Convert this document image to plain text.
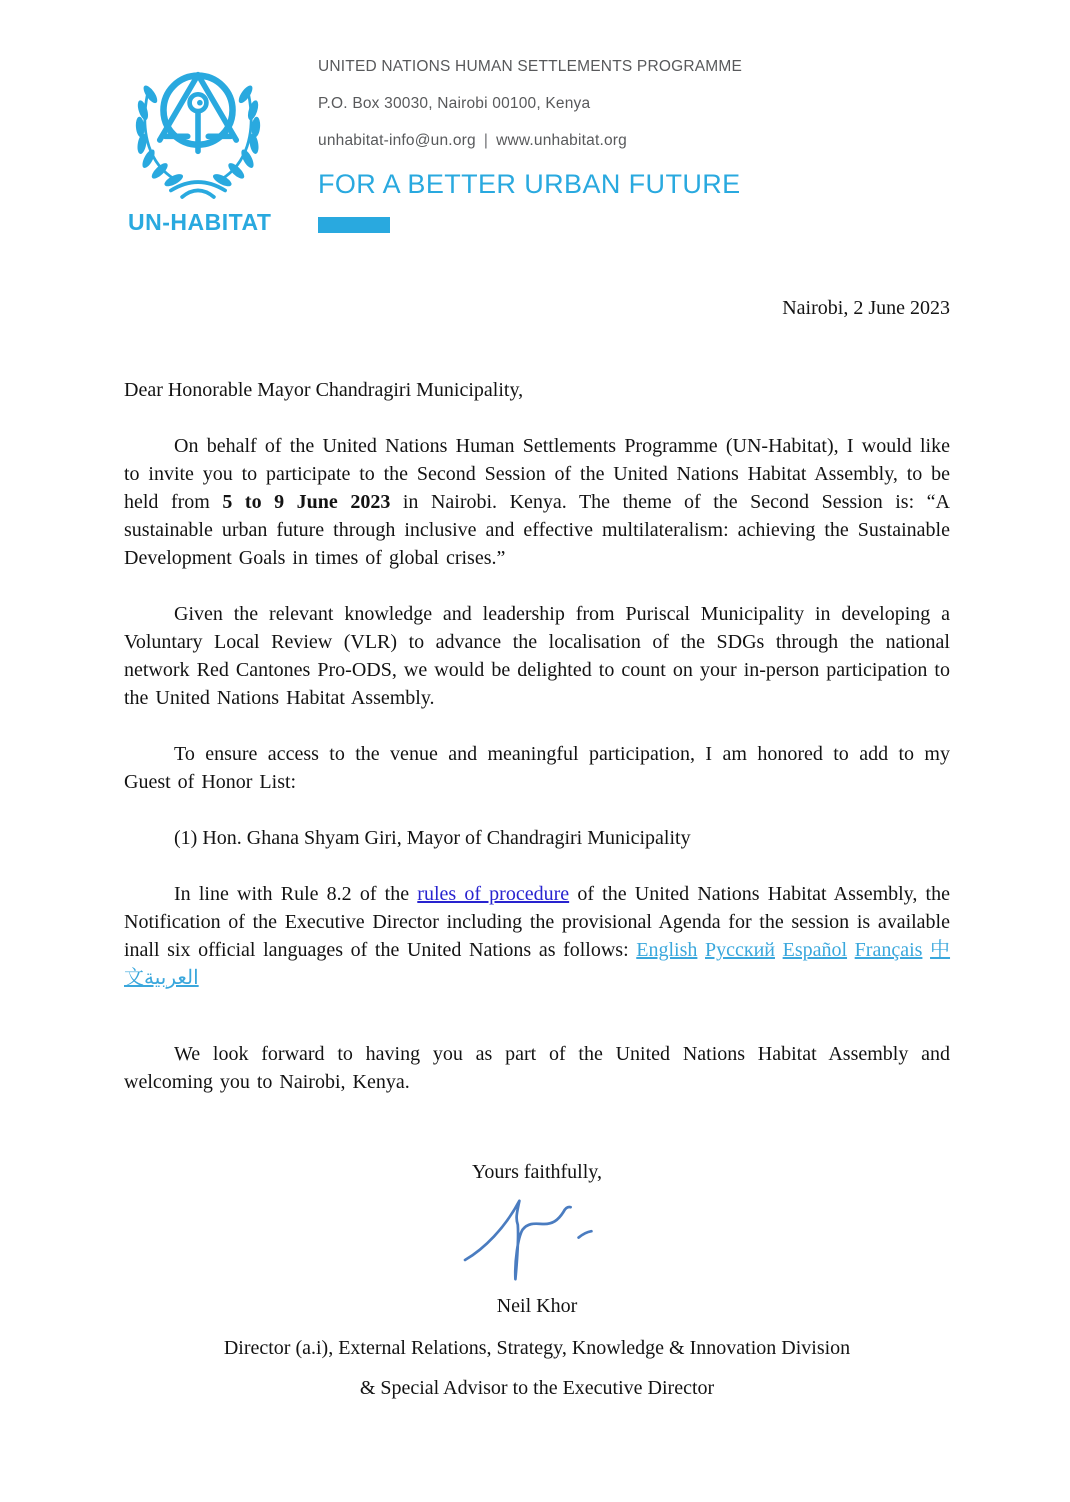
UN-HABITAT
UNITED NATIONS HUMAN SETTLEMENTS PROGRAMME
P.O. Box 30030, Nairobi 00100, Kenya
unhabitat-info@un.org | www.unhabitat.org
FOR A BETTER URBAN FUTURE
Nairobi, 2 June 2023
Dear Honorable Mayor Chandragiri Municipality,

On behalf of the United Nations Human Settlements Programme (UN-Habitat), I would like to invite you to participate to the Second Session of the United Nations Habitat Assembly, to be held from 5 to 9 June 2023 in Nairobi. Kenya. The theme of the Second Session is: “A sustainable urban future through inclusive and effective multilateralism: achieving the Sustainable Development Goals in times of global crises.”

Given the relevant knowledge and leadership from Puriscal Municipality in developing a Voluntary Local Review (VLR) to advance the localisation of the SDGs through the national network Red Cantones Pro-ODS, we would be delighted to count on your in-person participation to the United Nations Habitat Assembly.

To ensure access to the venue and meaningful participation, I am honored to add to my Guest of Honor List:

(1) Hon. Ghana Shyam Giri, Mayor of Chandragiri Municipality

In line with Rule 8.2 of the rules of procedure of the United Nations Habitat Assembly, the Notification of the Executive Director including the provisional Agenda for the session is available inall six official languages of the United Nations as follows: English Русский Español Français 中文العربية

We look forward to having you as part of the United Nations Habitat Assembly and welcoming you to Nairobi, Kenya.

Yours faithfully,
Neil Khor
Director (a.i), External Relations, Strategy, Knowledge & Innovation Division
& Special Advisor to the Executive Director
